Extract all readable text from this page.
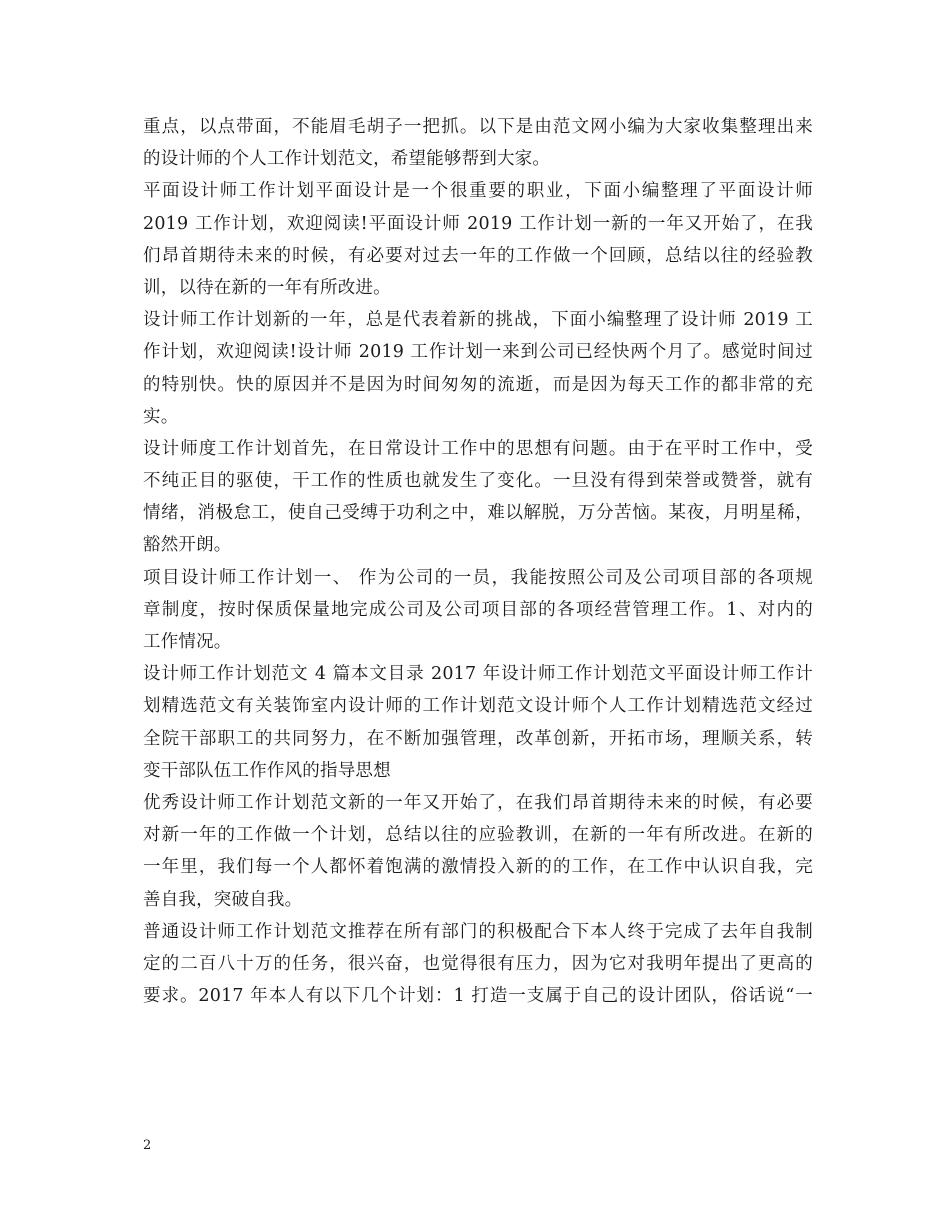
重点，以点带面，不能眉毛胡子一把抓。以下是由范文网小编为大家收集整理出来
的设计师的个人工作计划范文，希望能够帮到大家。
平面设计师工作计划平面设计是一个很重要的职业，下面小编整理了平面设计师
2019 工作计划，欢迎阅读!平面设计师 2019 工作计划一新的一年又开始了，在我
们昂首期待未来的时候，有必要对过去一年的工作做一个回顾，总结以往的经验教
训，以待在新的一年有所改进。
设计师工作计划新的一年，总是代表着新的挑战，下面小编整理了设计师 2019 工
作计划，欢迎阅读!设计师 2019 工作计划一来到公司已经快两个月了。感觉时间过
的特别快。快的原因并不是因为时间匆匆的流逝，而是因为每天工作的都非常的充
实。
设计师度工作计划首先，在日常设计工作中的思想有问题。由于在平时工作中，受
不纯正目的驱使，干工作的性质也就发生了变化。一旦没有得到荣誉或赞誉，就有
情绪，消极怠工，使自己受缚于功利之中，难以解脱，万分苦恼。某夜，月明星稀，
豁然开朗。
项目设计师工作计划一、 作为公司的一员，我能按照公司及公司项目部的各项规
章制度，按时保质保量地完成公司及公司项目部的各项经营管理工作。1、对内的
工作情况。
设计师工作计划范文 4 篇本文目录 2017 年设计师工作计划范文平面设计师工作计
划精选范文有关装饰室内设计师的工作计划范文设计师个人工作计划精选范文经过
全院干部职工的共同努力，在不断加强管理，改革创新，开拓市场，理顺关系，转
变干部队伍工作作风的指导思想
优秀设计师工作计划范文新的一年又开始了，在我们昂首期待未来的时候，有必要
对新一年的工作做一个计划，总结以往的应验教训，在新的一年有所改进。在新的
一年里，我们每一个人都怀着饱满的激情投入新的的工作，在工作中认识自我，完
善自我，突破自我。
普通设计师工作计划范文推荐在所有部门的积极配合下本人终于完成了去年自我制
定的二百八十万的任务，很兴奋，也觉得很有压力，因为它对我明年提出了更高的
要求。2017 年本人有以下几个计划：1 打造一支属于自己的设计团队，俗话说“一
2
